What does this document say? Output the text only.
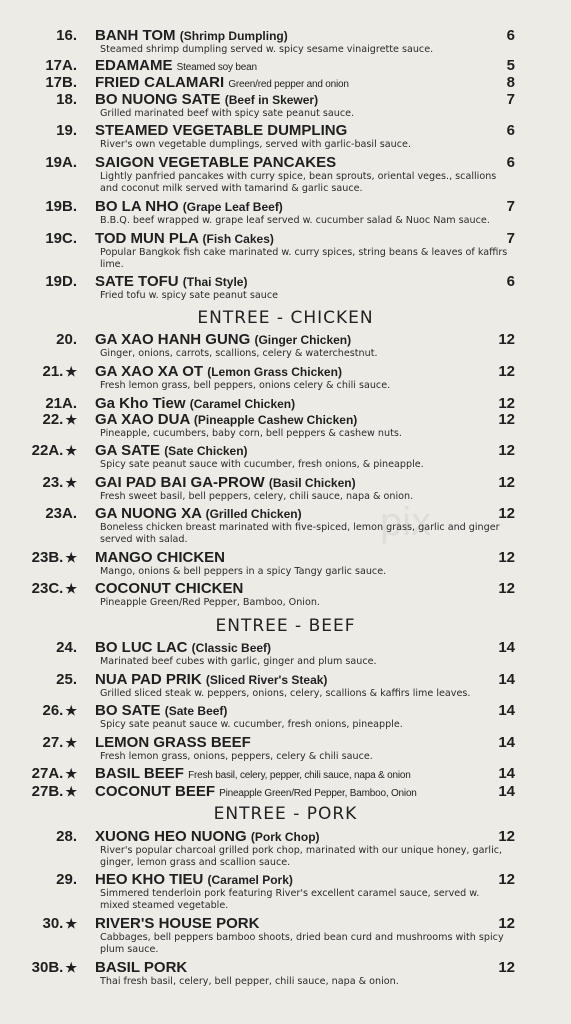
pix
ENTREE - CHICKEN
ENTREE - BEEF
ENTREE - PORK
16. BANH TOM (Shrimp Dumpling)	6
Steamed shrimp dumpling served w. spicy sesame vinaigrette sauce.
17A. EDAMAME Steamed soy bean	5
17B. FRIED CALAMARI Green/red pepper and onion	8
18. BO NUONG SATE (Beef in Skewer)	7
Grilled marinated beef with spicy sate peanut sauce.
19. STEAMED VEGETABLE DUMPLING	6
River's own vegetable dumplings, served with garlic-basil sauce.
19A. SAIGON VEGETABLE PANCAKES	6
Lightly panfried pancakes with curry spice, bean sprouts, oriental veges., scallions and coconut milk served with tamarind & garlic sauce.
19B. BO LA NHO (Grape Leaf Beef)	7
B.B.Q. beef wrapped w. grape leaf served w. cucumber salad & Nuoc Nam sauce.
19C. TOD MUN PLA (Fish Cakes)	7
Popular Bangkok fish cake marinated w. curry spices, string beans & leaves of kaffirs lime.
19D. SATE TOFU (Thai Style)	6
Fried tofu w. spicy sate peanut sauce
20. GA XAO HANH GUNG (Ginger Chicken)	12
Ginger, onions, carrots, scallions, celery & waterchestnut.
21. ★ GA XAO XA OT (Lemon Grass Chicken)	12
Fresh lemon grass, bell peppers, onions celery & chili sauce.
21A. Ga Kho Tiew (Caramel Chicken)	12
22. ★ GA XAO DUA (Pineapple Cashew Chicken)	12
Pineapple, cucumbers, baby corn, bell peppers & cashew nuts.
22A. ★ GA SATE (Sate Chicken)	12
Spicy sate peanut sauce with cucumber, fresh onions, & pineapple.
23. ★ GAI PAD BAI GA-PROW (Basil Chicken)	12
Fresh sweet basil, bell peppers, celery, chili sauce, napa & onion.
23A. GA NUONG XA (Grilled Chicken)	12
Boneless chicken breast marinated with five-spiced, lemon grass, garlic and ginger served with salad.
23B. ★ MANGO CHICKEN	12
Mango, onions & bell peppers in a spicy Tangy garlic sauce.
23C. ★ COCONUT CHICKEN	12
Pineapple Green/Red Pepper, Bamboo, Onion.
24. BO LUC LAC (Classic Beef)	14
Marinated beef cubes with garlic, ginger and plum sauce.
25. NUA PAD PRIK (Sliced River's Steak)	14
Grilled sliced steak w. peppers, onions, celery, scallions & kaffirs lime leaves.
26. ★ BO SATE (Sate Beef)	14
Spicy sate peanut sauce w. cucumber, fresh onions, pineapple.
27. ★ LEMON GRASS BEEF	14
Fresh lemon grass, onions, peppers, celery & chili sauce.
27A. ★ BASIL BEEF Fresh basil, celery, pepper, chili sauce, napa & onion	14
27B. ★ COCONUT BEEF Pineapple Green/Red Pepper, Bamboo, Onion	14
28. XUONG HEO NUONG (Pork Chop)	12
River's popular charcoal grilled pork chop, marinated with our unique honey, garlic, ginger, lemon grass and scallion sauce.
29. HEO KHO TIEU (Caramel Pork)	12
Simmered tenderloin pork featuring River's excellent caramel sauce, served w. mixed steamed vegetable.
30. ★ RIVER'S HOUSE PORK	12
Cabbages, bell peppers bamboo shoots, dried bean curd and mushrooms with spicy plum sauce.
30B. ★ BASIL PORK	12
Thai fresh basil, celery, bell pepper, chili sauce, napa & onion.
